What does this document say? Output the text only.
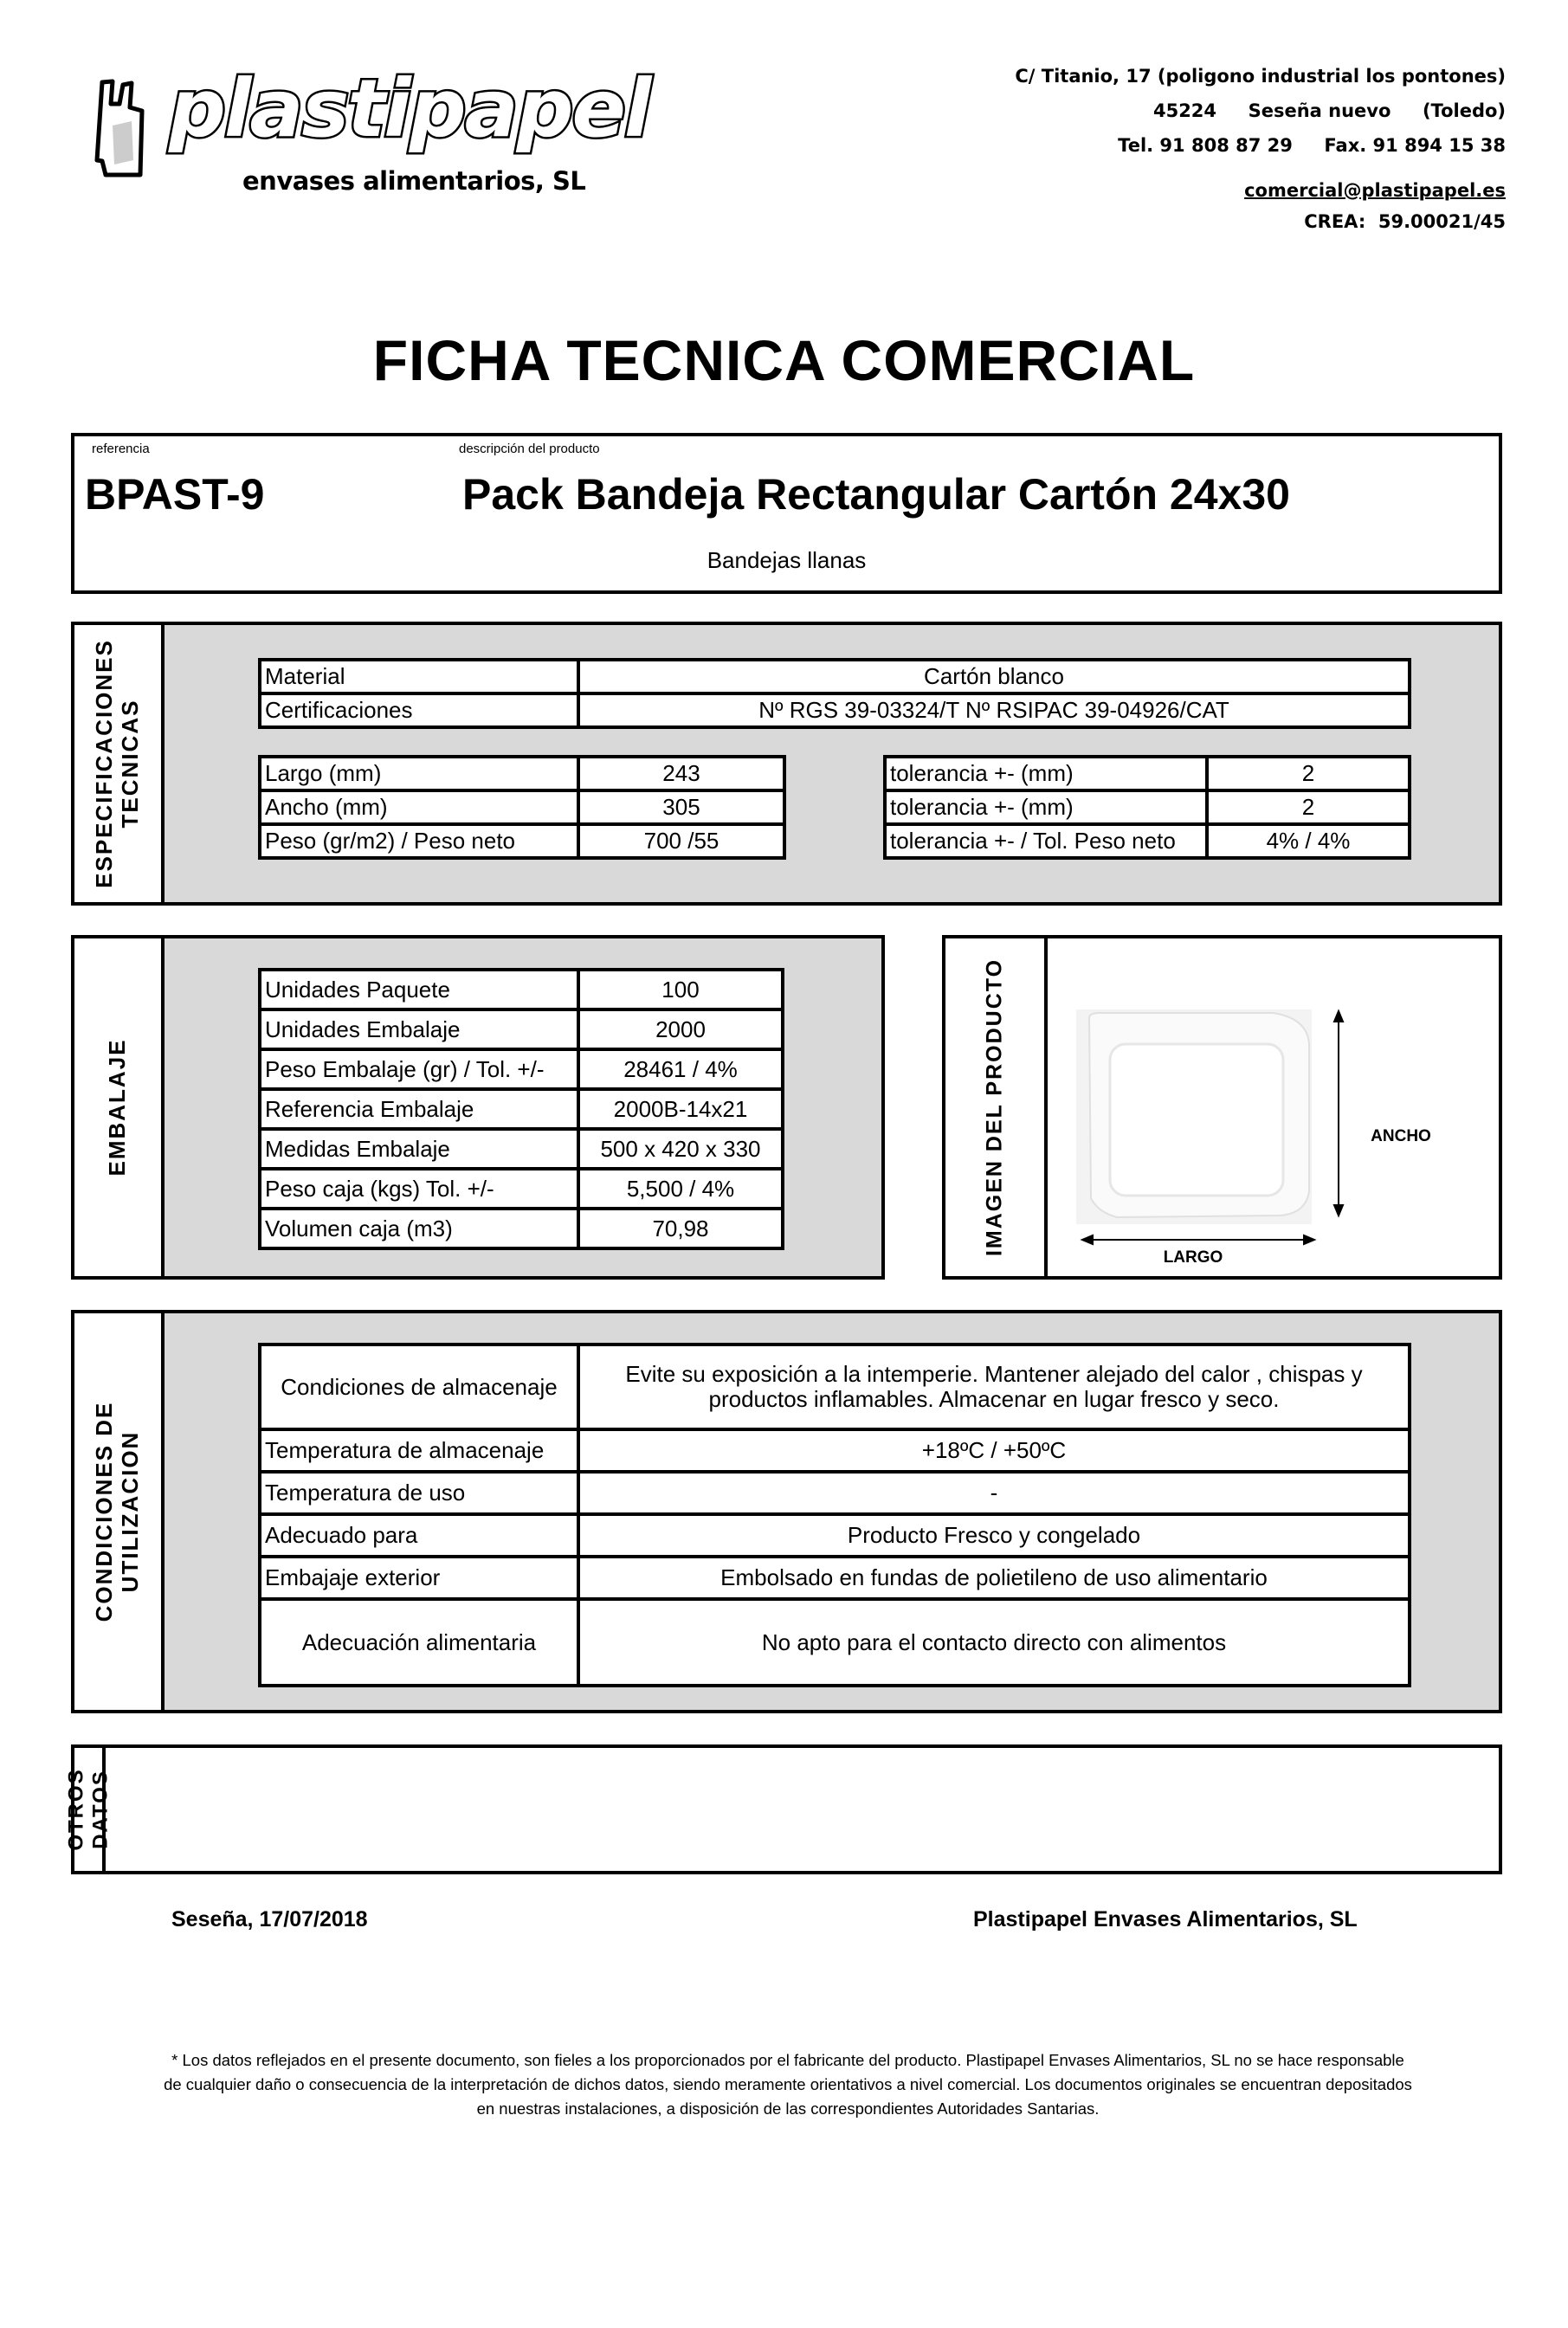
plastipapel
envases alimentarios, SL
C/ Titanio, 17 (poligono industrial los pontones)
45224     Seseña nuevo     (Toledo)
Tel. 91 808 87 29     Fax. 91 894 15 38
comercial@plastipapel.es
CREA:  59.00021/45
FICHA TECNICA COMERCIAL
referencia	descripción del producto
BPAST-9	Pack Bandeja Rectangular Cartón 24x30
Bandejas llanas
ESPECIFICACIONES TECNICAS
Material	Cartón blanco
Certificaciones	Nº RGS 39-03324/T Nº RSIPAC 39-04926/CAT
Largo (mm)	243
Ancho (mm)	305
Peso (gr/m2) / Peso neto	700 /55
tolerancia +- (mm)	2
tolerancia +- (mm)	2
tolerancia +- / Tol. Peso neto	4% / 4%
EMBALAJE
Unidades Paquete	100
Unidades Embalaje	2000
Peso Embalaje (gr) / Tol. +/-	28461 / 4%
Referencia Embalaje	2000B-14x21
Medidas Embalaje	500 x 420 x 330
Peso caja (kgs) Tol. +/-	5,500 / 4%
Volumen caja (m3)	70,98	IMAGEN DEL PRODUCTO	ANCHO
LARGO
CONDICIONES DE UTILIZACION
Condiciones de almacenaje	Evite su exposición a la intemperie. Mantener alejado del calor , chispas y
productos inflamables. Almacenar en lugar fresco y seco.

Temperatura de almacenaje	+18ºC / +50ºC
Temperatura de uso	-
Adecuado para	Producto Fresco y congelado
Embajaje exterior	Embolsado en fundas de polietileno de uso alimentario
Adecuación alimentaria	No apto para el contacto directo con alimentos
OTROS DATOS
Seseña, 17/07/2018	Plastipapel Envases Alimentarios, SL
* Los datos reflejados en el presente documento, son fieles a los proporcionados por el fabricante del producto. Plastipapel Envases Alimentarios, SL no se hace responsable
de cualquier daño o consecuencia de la interpretación de dichos datos, siendo meramente orientativos a nivel comercial. Los documentos originales se encuentran depositados
en nuestras instalaciones, a disposición de las correspondientes Autoridades Santarias.
